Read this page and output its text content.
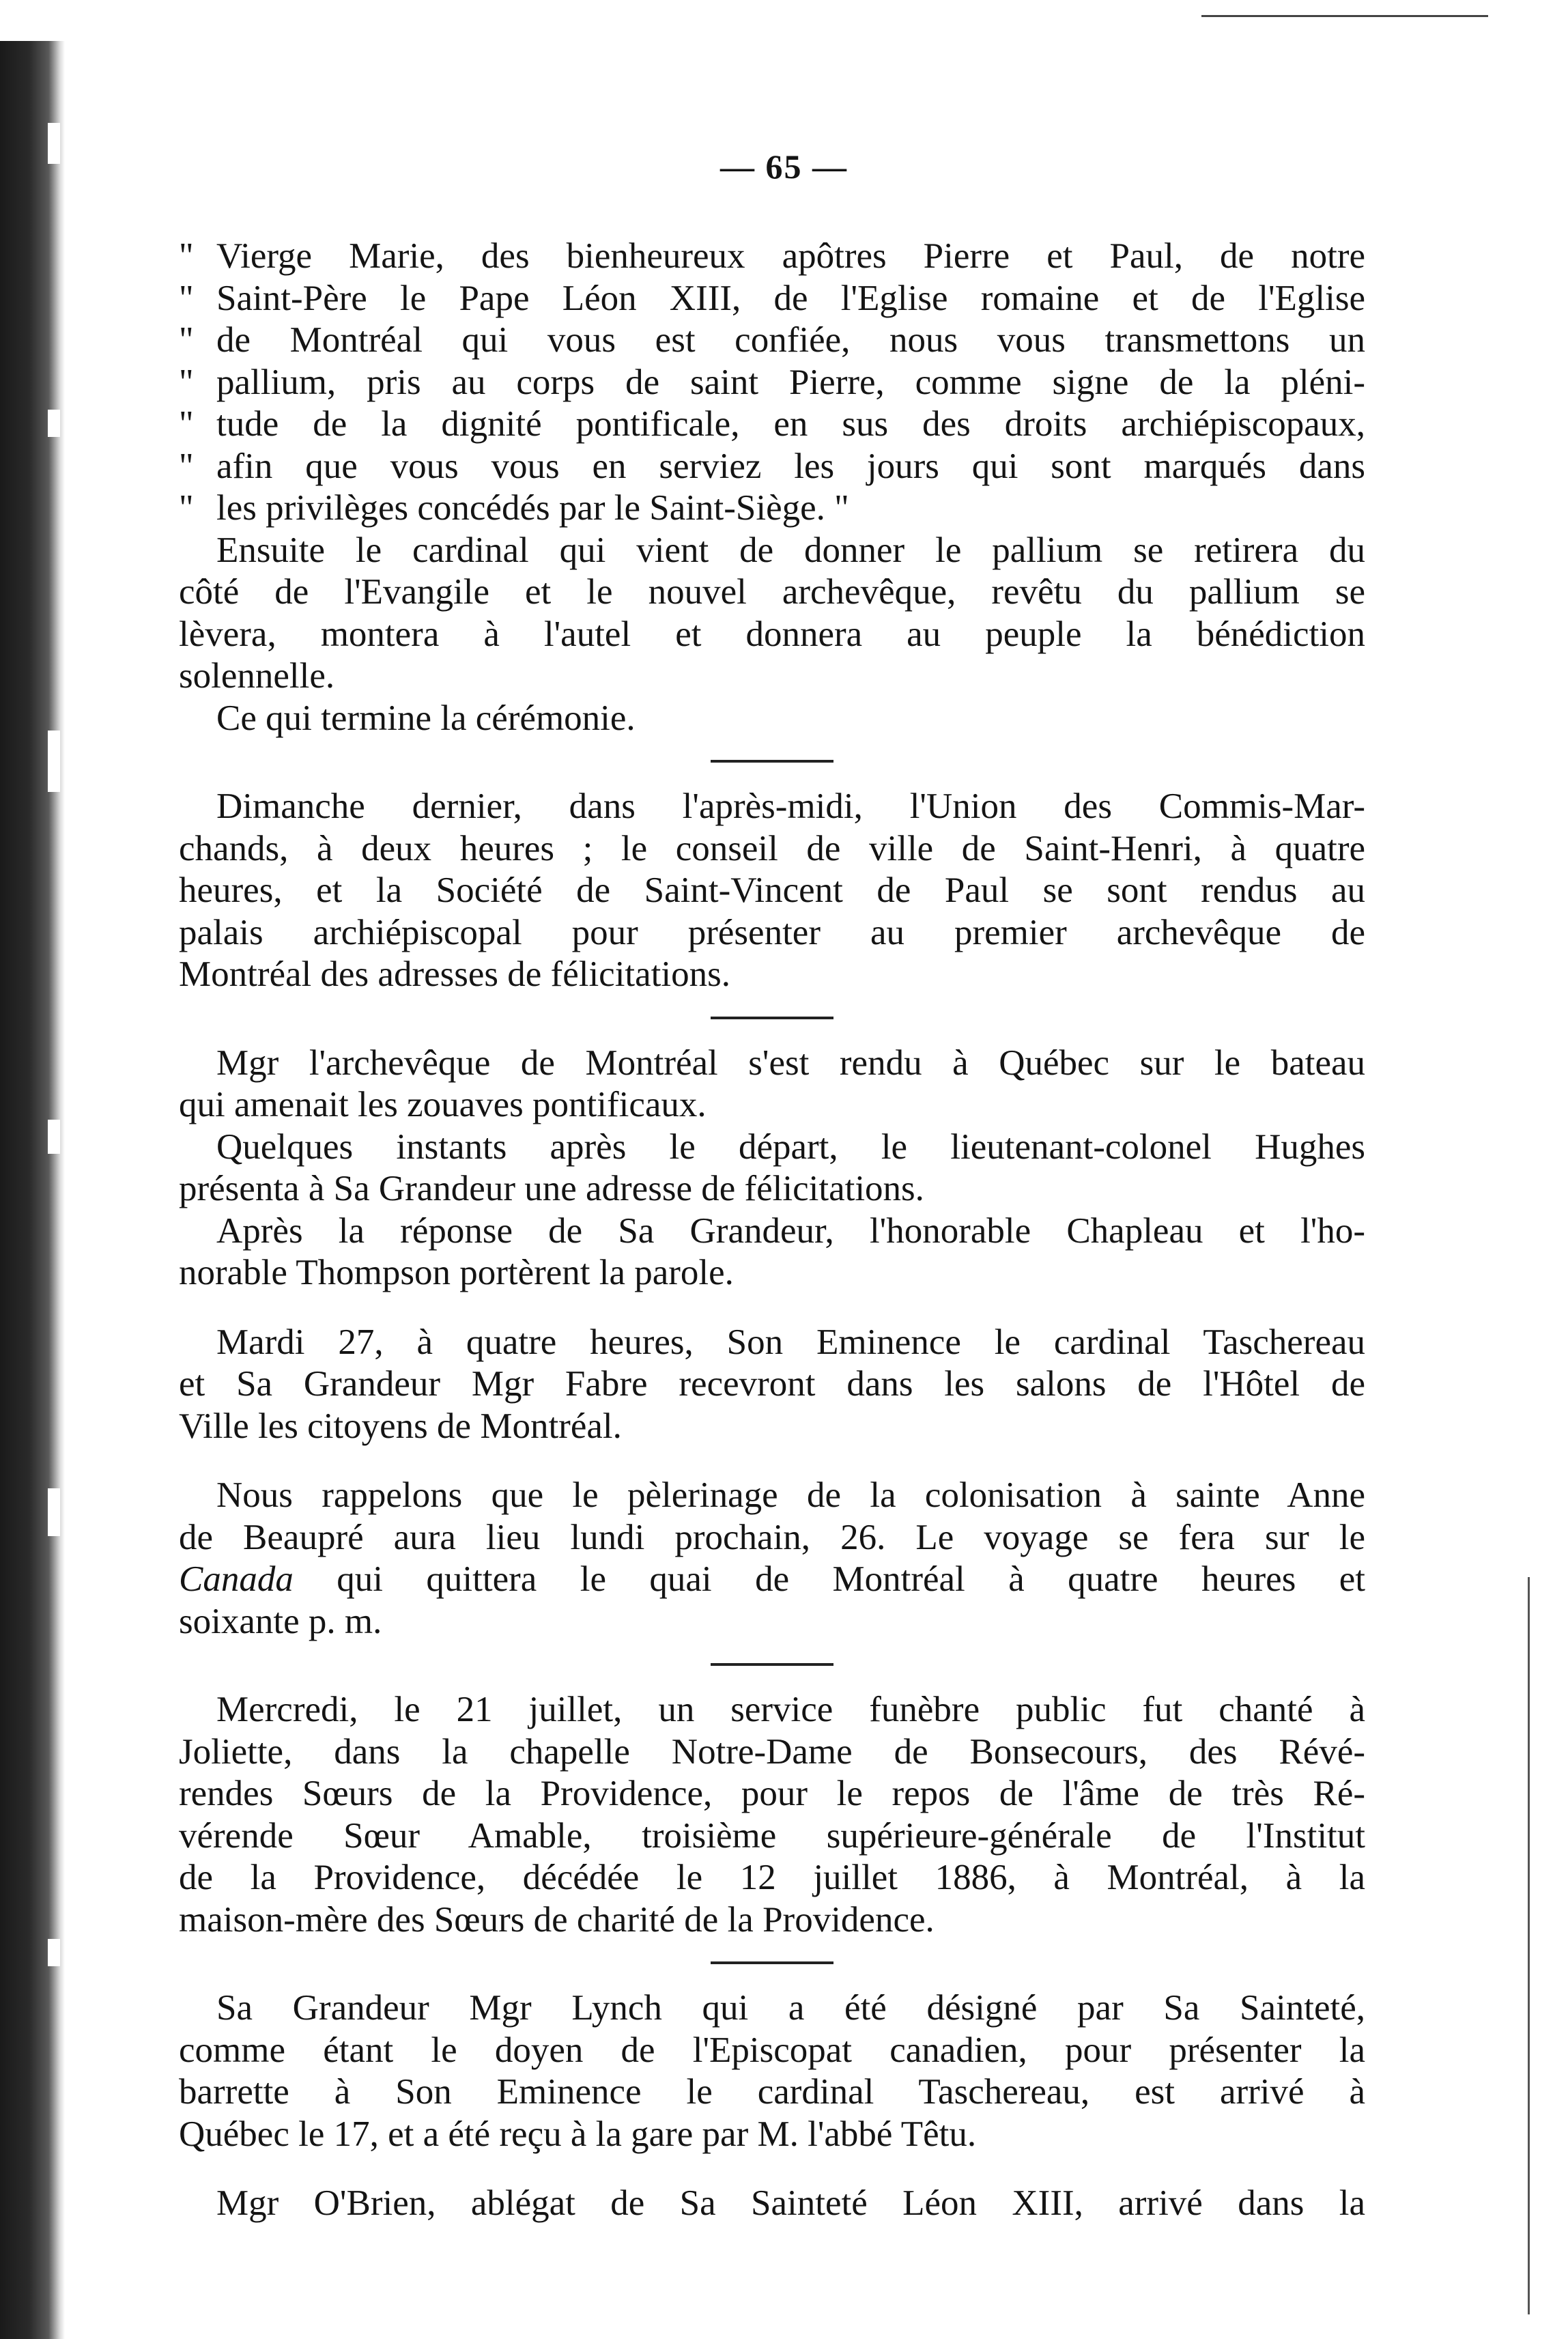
— 65 —
" Vierge Marie, des bienheureux apôtres Pierre et Paul, de notre
" Saint-Père le Pape Léon XIII, de l'Eglise romaine et de l'Eglise
" de Montréal qui vous est confiée, nous vous transmettons un
" pallium, pris au corps de saint Pierre, comme signe de la pléni-
" tude de la dignité pontificale, en sus des droits archiépiscopaux,
" afin que vous vous en serviez les jours qui sont marqués dans
" les privilèges concédés par le Saint-Siège. "
Ensuite le cardinal qui vient de donner le pallium se retirera du
côté de l'Evangile et le nouvel archevêque, revêtu du pallium se
lèvera, montera à l'autel et donnera au peuple la bénédiction
solennelle.
Ce qui termine la cérémonie.
Dimanche dernier, dans l'après-midi, l'Union des Commis-Mar-
chands, à deux heures ; le conseil de ville de Saint-Henri, à quatre
heures, et la Société de Saint-Vincent de Paul se sont rendus au
palais archiépiscopal pour présenter au premier archevêque de
Montréal des adresses de félicitations.
Mgr l'archevêque de Montréal s'est rendu à Québec sur le bateau
qui amenait les zouaves pontificaux.
Quelques instants après le départ, le lieutenant-colonel Hughes
présenta à Sa Grandeur une adresse de félicitations.
Après la réponse de Sa Grandeur, l'honorable Chapleau et l'ho-
norable Thompson portèrent la parole.
Mardi 27, à quatre heures, Son Eminence le cardinal Taschereau
et Sa Grandeur Mgr Fabre recevront dans les salons de l'Hôtel de
Ville les citoyens de Montréal.
Nous rappelons que le pèlerinage de la colonisation à sainte Anne
de Beaupré aura lieu lundi prochain, 26. Le voyage se fera sur le
Canada qui quittera le quai de Montréal à quatre heures et
soixante p. m.
Mercredi, le 21 juillet, un service funèbre public fut chanté à
Joliette, dans la chapelle Notre-Dame de Bonsecours, des Révé-
rendes Sœurs de la Providence, pour le repos de l'âme de très Ré-
vérende Sœur Amable, troisième supérieure-générale de l'Institut
de la Providence, décédée le 12 juillet 1886, à Montréal, à la
maison-mère des Sœurs de charité de la Providence.
Sa Grandeur Mgr Lynch qui a été désigné par Sa Sainteté,
comme étant le doyen de l'Episcopat canadien, pour présenter la
barrette à Son Eminence le cardinal Taschereau, est arrivé à
Québec le 17, et a été reçu à la gare par M. l'abbé Têtu.
Mgr O'Brien, ablégat de Sa Sainteté Léon XIII, arrivé dans la
